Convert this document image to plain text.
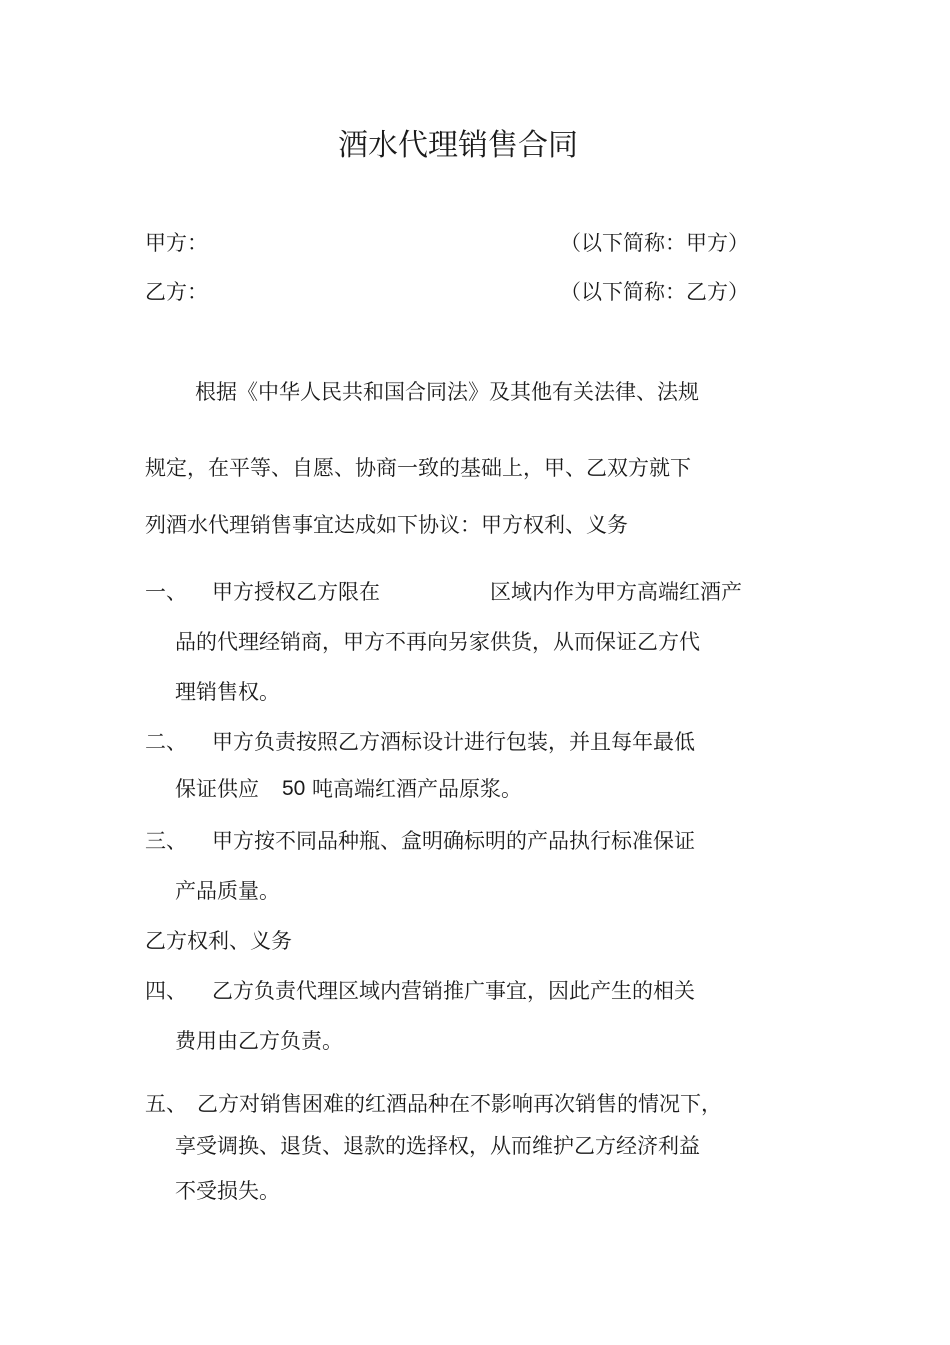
酒水代理销售合同
甲方：	（以下简称：甲方）
乙方：	（以下简称：乙方）
根据《中华人民共和国合同法》及其他有关法律、法规
规定，在平等、自愿、协商一致的基础上，甲、乙双方就下
列酒水代理销售事宜达成如下协议：甲方权利、义务
一、 甲方授权乙方限在	区域内作为甲方高端红酒产
品的代理经销商，甲方不再向另家供货，从而保证乙方代
理销售权。
二、 甲方负责按照乙方酒标设计进行包装，并且每年最低
保证供应 50 吨高端红酒产品原浆。
三、 甲方按不同品种瓶、盒明确标明的产品执行标准保证
产品质量。
乙方权利、义务
四、 乙方负责代理区域内营销推广事宜，因此产生的相关
费用由乙方负责。
五、 乙方对销售困难的红酒品种在不影响再次销售的情况下，
享受调换、退货、退款的选择权，从而维护乙方经济利益
不受损失。
